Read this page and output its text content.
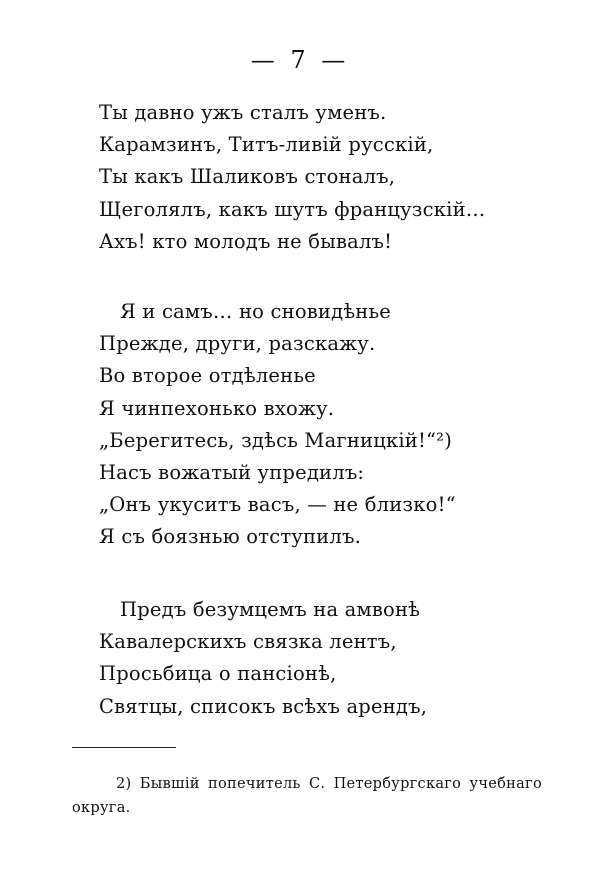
— 7 —
Ты давно ужъ сталъ уменъ.
Карамзинъ, Титъ-ливій русскій,
Ты какъ Шаликовъ стоналъ,
Щеголялъ, какъ шутъ французскій…
Ахъ! кто молодъ не бывалъ!
Я и самъ… но сновидѣнье
Прежде, други, разскажу.
Во второе отдѣленье
Я чинпехонько вхожу.
„Берегитесь, здѣсь Магницкій!“²)
Насъ вожатый упредилъ:
„Онъ укуситъ васъ, — не близко!“
Я съ боязнью отступилъ.
Предъ безумцемъ на амвонѣ
Кавалерскихъ связка лентъ,
Просьбица о пансіонѣ,
Святцы, списокъ всѣхъ арендъ,

2) Бывшій попечитель С. Петербургскаго учебнаго округа.
